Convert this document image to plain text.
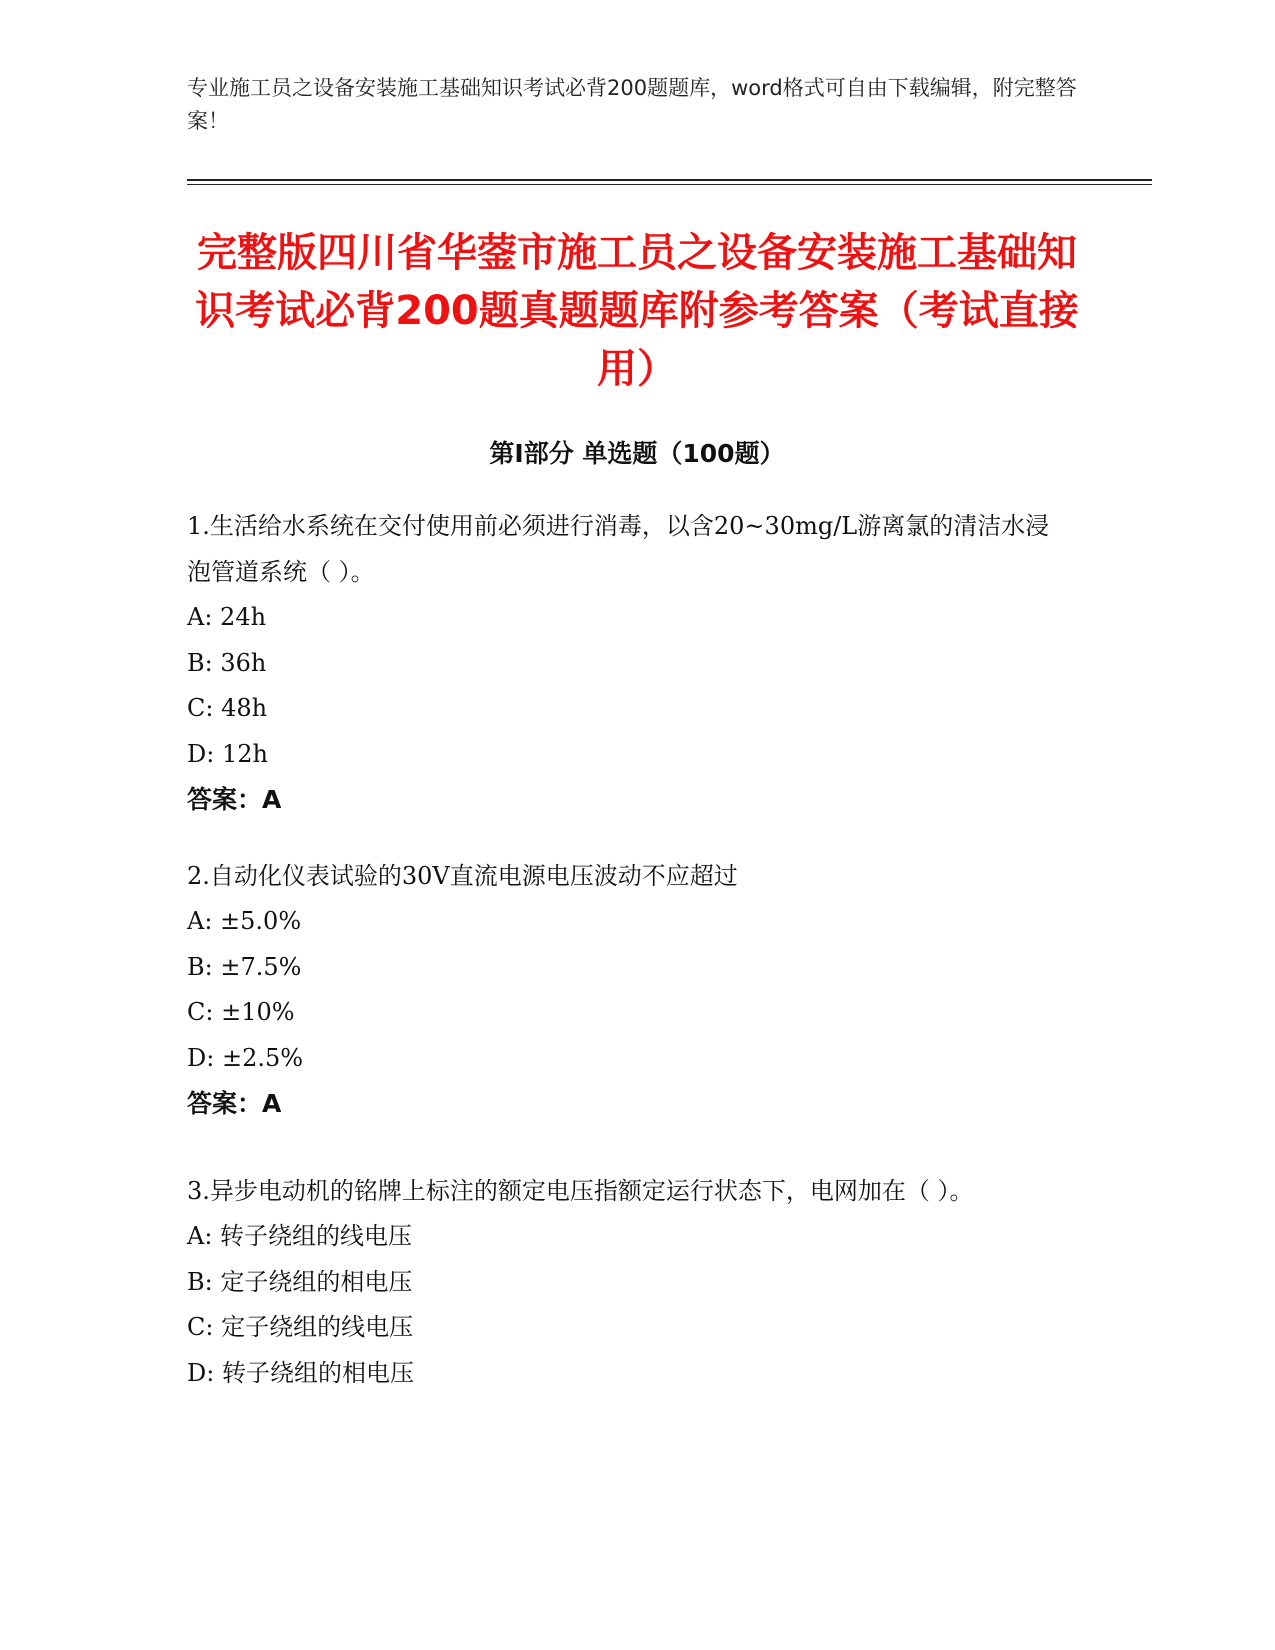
专业施工员之设备安装施工基础知识考试必背200题题库，word格式可自由下载编辑，附完整答案！
完整版四川省华蓥市施工员之设备安装施工基础知识考试必背200题真题题库附参考答案（考试直接用）
第I部分 单选题（100题）

1.生活给水系统在交付使用前必须进行消毒，以含20~30mg/L游离氯的清洁水浸泡管道系统（ ）。

A: 24h

B: 36h

C: 48h

D: 12h

答案：A

2.自动化仪表试验的30V直流电源电压波动不应超过

A: ±5.0%

B: ±7.5%

C: ±10%

D: ±2.5%

答案：A

3.异步电动机的铭牌上标注的额定电压指额定运行状态下，电网加在（ ）。

A: 转子绕组的线电压

B: 定子绕组的相电压

C: 定子绕组的线电压

D: 转子绕组的相电压
